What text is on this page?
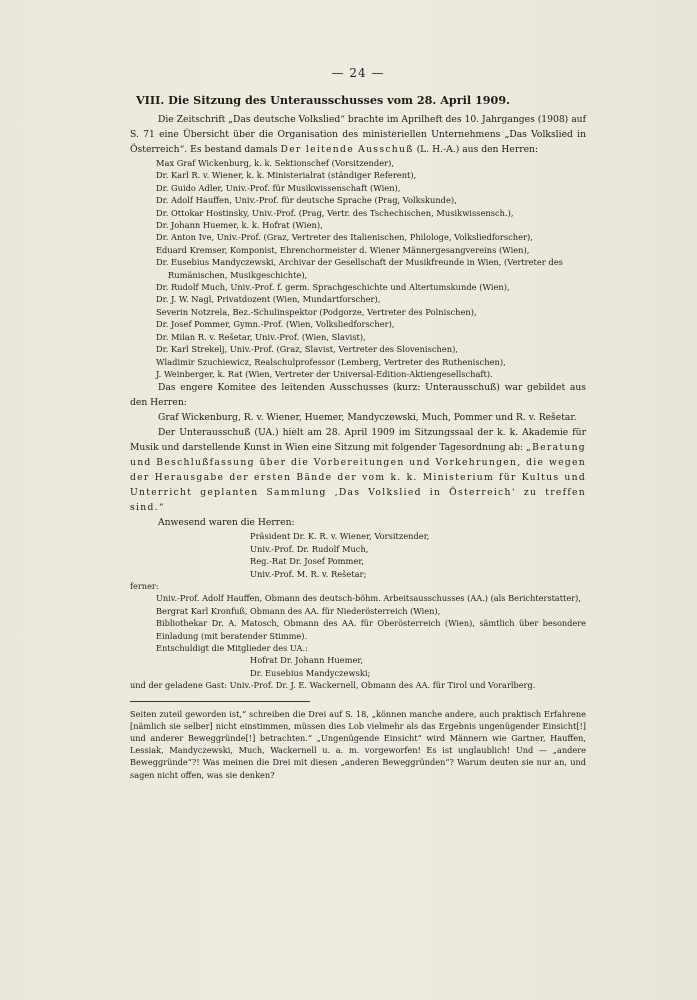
— 24 —
VIII. Die Sitzung des Unterausschusses vom 28. April 1909.

Die Zeitschrift „Das deutsche Volkslied“ brachte im Aprilheft des 10. Jahrganges (1908) auf S. 71 eine Übersicht über die Organisation des ministeriellen Unternehmens „Das Volkslied in Österreich“. Es bestand damals Der leitende Ausschuß (L. H.-A.) aus den Herren:

Max Graf Wickenburg, k. k. Sektionschef (Vorsitzender),
Dr. Karl R. v. Wiener, k. k. Ministerialrat (ständiger Referent),
Dr. Guido Adler, Univ.-Prof. für Musikwissenschaft (Wien),
Dr. Adolf Hauffen, Univ.-Prof. für deutsche Sprache (Prag, Volkskunde),
Dr. Ottokar Hostinsky, Univ.-Prof. (Prag, Vertr. des Tschechischen, Musikwissensch.),
Dr. Johann Huemer, k. k. Hofrat (Wien),
Dr. Anton Ive, Univ.-Prof. (Graz, Vertreter des Italienischen, Philologe, Volksliedforscher),
Eduard Kremser, Komponist, Ehrenchormeister d. Wiener Männergesangvereins (Wien),
Dr. Eusebius Mandyczewski, Archivar der Gesellschaft der Musikfreunde in Wien, (Vertreter des Rumänischen, Musikgeschichte),
Dr. Rudolf Much, Univ.-Prof. f. germ. Sprachgeschichte und Altertumskunde (Wien),
Dr. J. W. Nagl, Privatdozent (Wien, Mundartforscher),
Severin Notzrela, Bez.-Schulinspektor (Podgorze, Vertreter des Polnischen),
Dr. Josef Pommer, Gymn.-Prof. (Wien, Volksliedforscher),
Dr. Milan R. v. Rešetar, Univ.-Prof. (Wien, Slavist),
Dr. Karl Strekelj, Univ.-Prof. (Graz, Slavist, Vertreter des Slovenischen),
Wladimir Szuchiewicz, Realschulprofessor (Lemberg, Vertreter des Ruthenischen),
J. Weinberger, k. Rat (Wien, Vertreter der Universal-Edition-Aktiengesellschaft).

Das engere Komitee des leitenden Ausschusses (kurz: Unterausschuß) war gebildet aus den Herren:

Graf Wickenburg, R. v. Wiener, Huemer, Mandyczewski, Much, Pommer und R. v. Rešetar.

Der Unterausschuß (UA.) hielt am 28. April 1909 im Sitzungssaal der k. k. Akademie für Musik und darstellende Kunst in Wien eine Sitzung mit folgender Tagesordnung ab: „Beratung und Beschlußfassung über die Vorbereitungen und Vorkehrungen, die wegen der Herausgabe der ersten Bände der vom k. k. Ministerium für Kultus und Unterricht geplanten Sammlung ‚Das Volkslied in Österreich‘ zu treffen sind.“

Anwesend waren die Herren:

Präsident Dr. K. R. v. Wiener, Vorsitzender,
Univ.-Prof. Dr. Rudolf Much,
Reg.-Rat Dr. Josef Pommer,
Univ.-Prof. M. R. v. Rešetar;

ferner:

Univ.-Prof. Adolf Hauffen, Obmann des deutsch-böhm. Arbeitsausschusses (AA.) (als Berichterstatter),

Bergrat Karl Kronfuß, Obmann des AA. für Niederösterreich (Wien),

Bibliothekar Dr. A. Matosch, Obmann des AA. für Oberösterreich (Wien), sämtlich über besondere Einladung (mit beratender Stimme).

Entschuldigt die Mitglieder des UA.:

Hofrat Dr. Johann Huemer,
Dr. Eusebius Mandyczewski;

und der geladene Gast: Univ.-Prof. Dr. J. E. Wackernell, Obmann des AA. für Tirol und Vorarlberg.

Seiten zuteil geworden ist,“ schreiben die Drei auf S. 18, „können manche andere, auch praktisch Erfahrene [nämlich sie selber] nicht einstimmen, müssen dies Lob vielmehr als das Ergebnis ungenügender Einsicht[!] und anderer Beweggründe[!] betrachten.“ „Ungenügende Einsicht“ wird Männern wie Gartner, Hauffen, Lessiak, Mandyczewski, Much, Wackernell u. a. m. vorgeworfen! Es ist unglaublich! Und — „andere Beweggründe“?! Was meinen die Drei mit diesen „anderen Beweggründen“? Warum deuten sie nur an, und sagen nicht offen, was sie denken?
